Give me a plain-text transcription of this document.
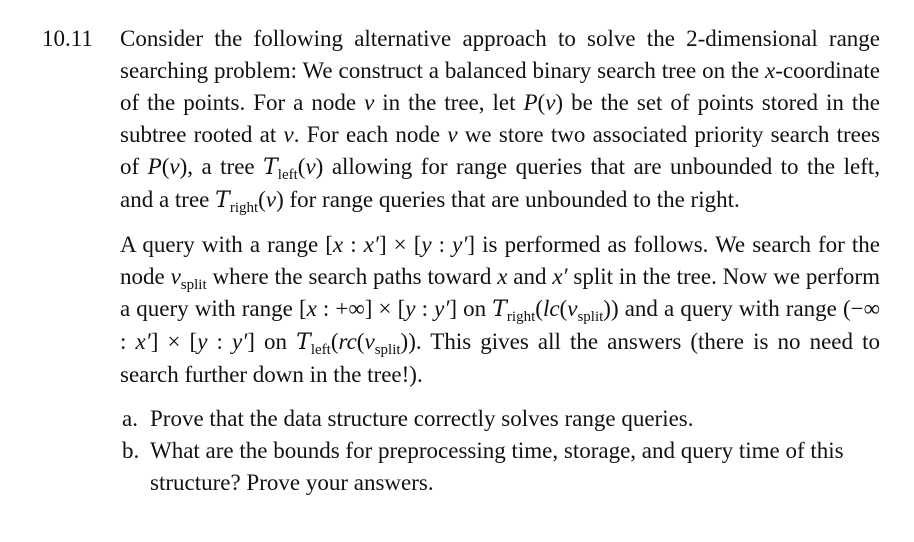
10.11 Consider the following alternative approach to solve the 2-dimensional range searching problem: We construct a balanced binary search tree on the x-coordinate of the points. For a node ν in the tree, let P(ν) be the set of points stored in the subtree rooted at ν. For each node ν we store two associated priority search trees of P(ν), a tree $T_{left}(\nu)$ allowing for range queries that are unbounded to the left, and a tree $T_{right}(\nu)$ for range queries that are unbounded to the right.

A query with a range [x : x′] × [y : y′] is performed as follows. We search for the node $\nu_{split}$ where the search paths toward x and x′ split in the tree. Now we perform a query with range [x : +∞] × [y : y′] on $T_{right}(lc(\nu_{split}))$ and a query with range (−∞ : x′] × [y : y′] on $T_{left}(rc(\nu_{split}))$. This gives all the answers (there is no need to search further down in the tree!).

a. Prove that the data structure correctly solves range queries.
b. What are the bounds for preprocessing time, storage, and query time of this structure? Prove your answers.
